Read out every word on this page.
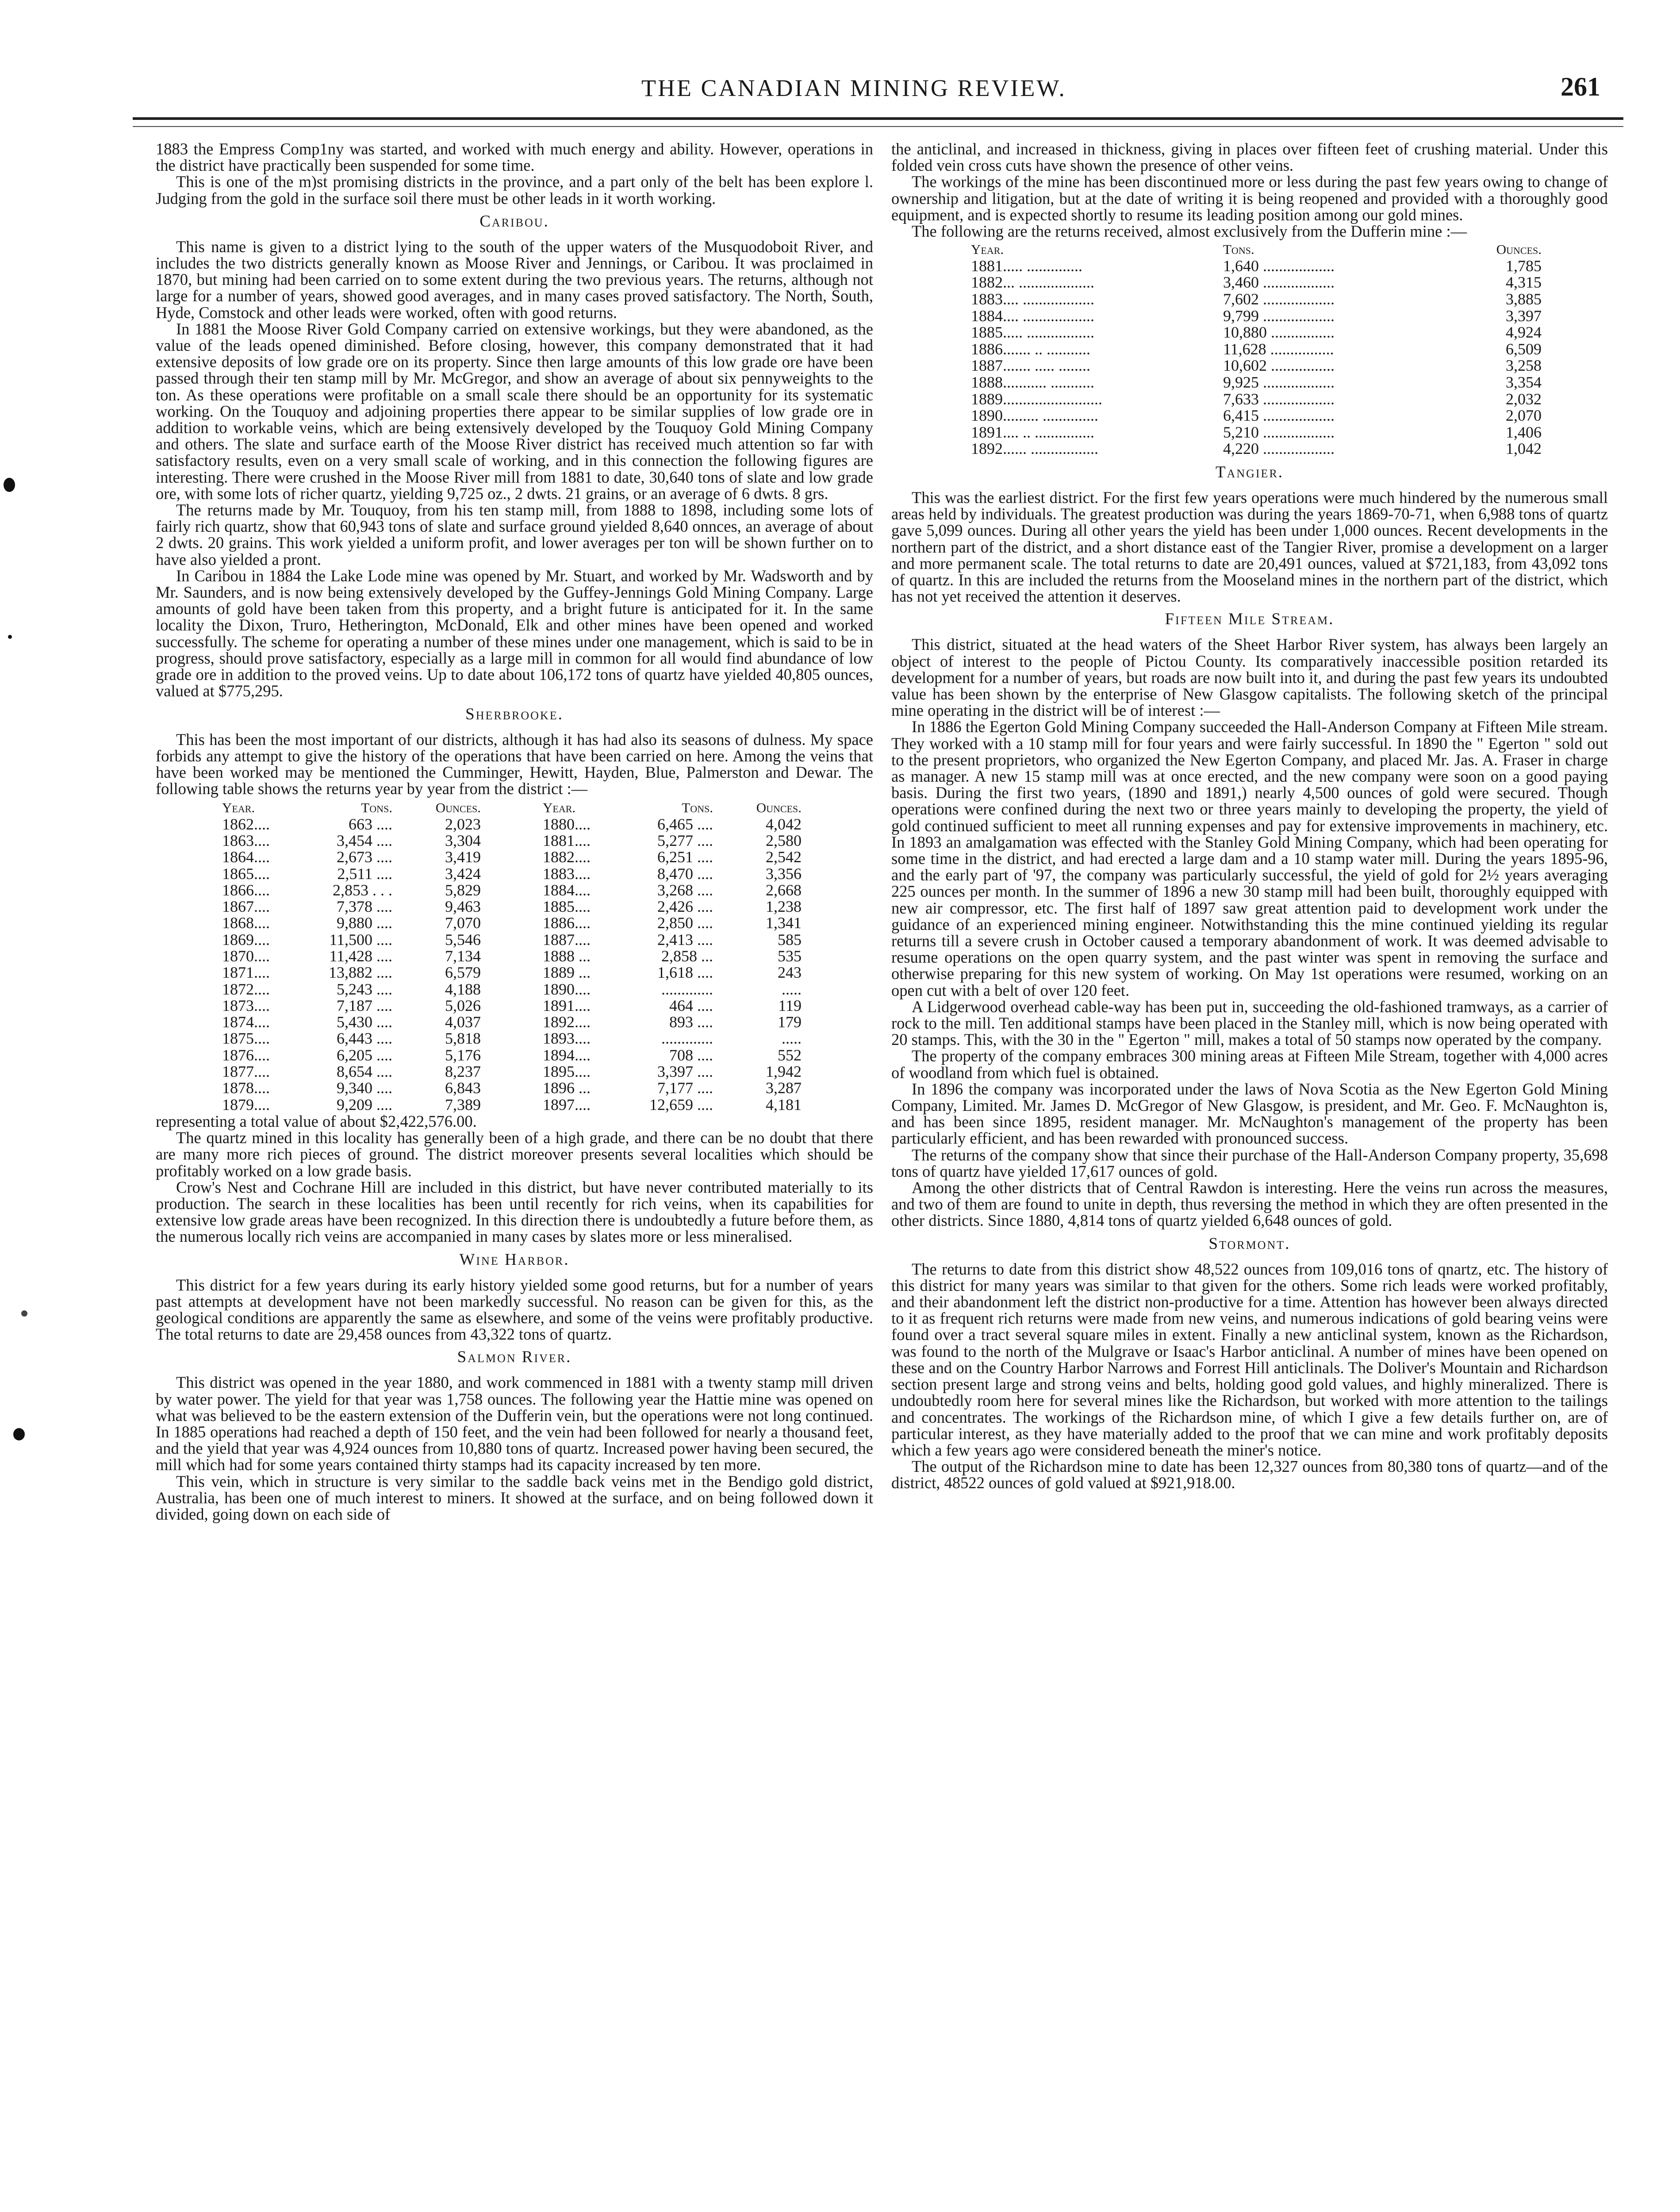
THE CANADIAN MINING REVIEW.	261

1883 the Empress Comp1ny was started, and worked with much energy and ability. However, operations in the district have practically been suspended for some time.

This is one of the m)st promising districts in the province, and a part only of the belt has been explore l. Judging from the gold in the surface soil there must be other leads in it worth working.

Caribou.

This name is given to a district lying to the south of the upper waters of the Musquodoboit River, and includes the two districts generally known as Moose River and Jennings, or Caribou. It was proclaimed in 1870, but mining had been carried on to some extent during the two previous years. The returns, although not large for a number of years, showed good averages, and in many cases proved satisfactory. The North, South, Hyde, Comstock and other leads were worked, often with good returns.

In 1881 the Moose River Gold Company carried on extensive workings, but they were abandoned, as the value of the leads opened diminished. Before closing, however, this company demonstrated that it had extensive deposits of low grade ore on its property. Since then large amounts of this low grade ore have been passed through their ten stamp mill by Mr. McGregor, and show an average of about six pennyweights to the ton. As these operations were profitable on a small scale there should be an opportunity for its systematic working. On the Touquoy and adjoining properties there appear to be similar supplies of low grade ore in addition to workable veins, which are being extensively developed by the Touquoy Gold Mining Company and others. The slate and surface earth of the Moose River district has received much attention so far with satisfactory results, even on a very small scale of working, and in this connection the following figures are interesting. There were crushed in the Moose River mill from 1881 to date, 30,640 tons of slate and low grade ore, with some lots of richer quartz, yielding 9,725 oz., 2 dwts. 21 grains, or an average of 6 dwts. 8 grs.

The returns made by Mr. Touquoy, from his ten stamp mill, from 1888 to 1898, including some lots of fairly rich quartz, show that 60,943 tons of slate and surface ground yielded 8,640 onnces, an average of about 2 dwts. 20 grains. This work yielded a uniform profit, and lower averages per ton will be shown further on to have also yielded a pront.

In Caribou in 1884 the Lake Lode mine was opened by Mr. Stuart, and worked by Mr. Wadsworth and by Mr. Saunders, and is now being extensively developed by the Guffey-Jennings Gold Mining Company. Large amounts of gold have been taken from this property, and a bright future is anticipated for it. In the same locality the Dixon, Truro, Hetherington, McDonald, Elk and other mines have been opened and worked successfully. The scheme for operating a number of these mines under one management, which is said to be in progress, should prove satisfactory, especially as a large mill in common for all would find abundance of low grade ore in addition to the proved veins. Up to date about 106,172 tons of quartz have yielded 40,805 ounces, valued at $775,295.

Sherbrooke.

This has been the most important of our districts, although it has had also its seasons of dulness. My space forbids any attempt to give the history of the operations that have been carried on here. Among the veins that have been worked may be mentioned the Cumminger, Hewitt, Hayden, Blue, Palmerston and Dewar. The following table shows the returns year by year from the district :—

Year.	Tons.	Ounces.	Year.	Tons.	Ounces.
1862....	663 ....	2,023	1880....	6,465 ....	4,042
1863....	3,454 ....	3,304	1881....	5,277 ....	2,580
1864....	2,673 ....	3,419	1882....	6,251 ....	2,542
1865....	2,511 ....	3,424	1883....	8,470 ....	3,356
1866....	2,853 . . .	5,829	1884....	3,268 ....	2,668
1867....	7,378 ....	9,463	1885....	2,426 ....	1,238
1868....	9,880 ....	7,070	1886....	2,850 ....	1,341
1869....	11,500 ....	5,546	1887....	2,413 ....	585
1870....	11,428 ....	7,134	1888 ...	2,858 ...	535
1871....	13,882 ....	6,579	1889 ...	1,618 ....	243
1872....	5,243 ....	4,188	1890....	.............	.....
1873....	7,187 ....	5,026	1891....	464 ....	119
1874....	5,430 ....	4,037	1892....	893 ....	179
1875....	6,443 ....	5,818	1893....	.............	.....
1876....	6,205 ....	5,176	1894....	708 ....	552
1877....	8,654 ....	8,237	1895....	3,397 ....	1,942
1878....	9,340 ....	6,843	1896 ...	7,177 ....	3,287
1879....	9,209 ....	7,389	1897....	12,659 ....	4,181

representing a total value of about $2,422,576.00.

The quartz mined in this locality has generally been of a high grade, and there can be no doubt that there are many more rich pieces of ground. The district moreover presents several localities which should be profitably worked on a low grade basis.

Crow's Nest and Cochrane Hill are included in this district, but have never contributed materially to its production. The search in these localities has been until recently for rich veins, when its capabilities for extensive low grade areas have been recognized. In this direction there is undoubtedly a future before them, as the numerous locally rich veins are accompanied in many cases by slates more or less mineralised.

Wine Harbor.

This district for a few years during its early history yielded some good returns, but for a number of years past attempts at development have not been markedly successful. No reason can be given for this, as the geological conditions are apparently the same as elsewhere, and some of the veins were profitably productive. The total returns to date are 29,458 ounces from 43,322 tons of quartz.

Salmon River.

This district was opened in the year 1880, and work commenced in 1881 with a twenty stamp mill driven by water power. The yield for that year was 1,758 ounces. The following year the Hattie mine was opened on what was believed to be the eastern extension of the Dufferin vein, but the operations were not long continued. In 1885 operations had reached a depth of 150 feet, and the vein had been followed for nearly a thousand feet, and the yield that year was 4,924 ounces from 10,880 tons of quartz. Increased power having been secured, the mill which had for some years contained thirty stamps had its capacity increased by ten more.

This vein, which in structure is very similar to the saddle back veins met in the Bendigo gold district, Australia, has been one of much interest to miners. It showed at the surface, and on being followed down it divided, going down on each side of

the anticlinal, and increased in thickness, giving in places over fifteen feet of crushing material. Under this folded vein cross cuts have shown the presence of other veins.

The workings of the mine has been discontinued more or less during the past few years owing to change of ownership and litigation, but at the date of writing it is being reopened and provided with a thoroughly good equipment, and is expected shortly to resume its leading position among our gold mines.

The following are the returns received, almost exclusively from the Dufferin mine :—

Year.	Tons.	Ounces.
1881..... ..............	1,640 ..................	1,785
1882... ...................	3,460 ..................	4,315
1883.... ..................	7,602 ..................	3,885
1884.... ..................	9,799 ..................	3,397
1885..... .................	10,880 ................	4,924
1886....... .. ...........	11,628 ................	6,509
1887....... ..... ........	10,602 ................	3,258
1888........... ...........	9,925 ..................	3,354
1889.........................	7,633 ..................	2,032
1890......... ..............	6,415 ..................	2,070
1891.... .. ...............	5,210 ..................	1,406
1892...... .................	4,220 ..................	1,042
Tangier.

This was the earliest district. For the first few years operations were much hindered by the numerous small areas held by individuals. The greatest production was during the years 1869-70-71, when 6,988 tons of quartz gave 5,099 ounces. During all other years the yield has been under 1,000 ounces. Recent developments in the northern part of the district, and a short distance east of the Tangier River, promise a development on a larger and more permanent scale. The total returns to date are 20,491 ounces, valued at $721,183, from 43,092 tons of quartz. In this are included the returns from the Mooseland mines in the northern part of the district, which has not yet received the attention it deserves.

Fifteen Mile Stream.

This district, situated at the head waters of the Sheet Harbor River system, has always been largely an object of interest to the people of Pictou County. Its comparatively inaccessible position retarded its development for a number of years, but roads are now built into it, and during the past few years its undoubted value has been shown by the enterprise of New Glasgow capitalists. The following sketch of the principal mine operating in the district will be of interest :—

In 1886 the Egerton Gold Mining Company succeeded the Hall-Anderson Company at Fifteen Mile stream. They worked with a 10 stamp mill for four years and were fairly successful. In 1890 the " Egerton " sold out to the present proprietors, who organized the New Egerton Company, and placed Mr. Jas. A. Fraser in charge as manager. A new 15 stamp mill was at once erected, and the new company were soon on a good paying basis. During the first two years, (1890 and 1891,) nearly 4,500 ounces of gold were secured. Though operations were confined during the next two or three years mainly to developing the property, the yield of gold continued sufficient to meet all running expenses and pay for extensive improvements in machinery, etc. In 1893 an amalgamation was effected with the Stanley Gold Mining Company, which had been operating for some time in the district, and had erected a large dam and a 10 stamp water mill. During the years 1895-96, and the early part of '97, the company was particularly successful, the yield of gold for 2½ years averaging 225 ounces per month. In the summer of 1896 a new 30 stamp mill had been built, thoroughly equipped with new air compressor, etc. The first half of 1897 saw great attention paid to development work under the guidance of an experienced mining engineer. Notwithstanding this the mine continued yielding its regular returns till a severe crush in October caused a temporary abandonment of work. It was deemed advisable to resume operations on the open quarry system, and the past winter was spent in removing the surface and otherwise preparing for this new system of working. On May 1st operations were resumed, working on an open cut with a belt of over 120 feet.

A Lidgerwood overhead cable-way has been put in, succeeding the old-fashioned tramways, as a carrier of rock to the mill. Ten additional stamps have been placed in the Stanley mill, which is now being operated with 20 stamps. This, with the 30 in the " Egerton " mill, makes a total of 50 stamps now operated by the company.

The property of the company embraces 300 mining areas at Fifteen Mile Stream, together with 4,000 acres of woodland from which fuel is obtained.

In 1896 the company was incorporated under the laws of Nova Scotia as the New Egerton Gold Mining Company, Limited. Mr. James D. McGregor of New Glasgow, is president, and Mr. Geo. F. McNaughton is, and has been since 1895, resident manager. Mr. McNaughton's management of the property has been particularly efficient, and has been rewarded with pronounced success.

The returns of the company show that since their purchase of the Hall-Anderson Company property, 35,698 tons of quartz have yielded 17,617 ounces of gold.

Among the other districts that of Central Rawdon is interesting. Here the veins run across the measures, and two of them are found to unite in depth, thus reversing the method in which they are often presented in the other districts. Since 1880, 4,814 tons of quartz yielded 6,648 ounces of gold.

Stormont.

The returns to date from this district show 48,522 ounces from 109,016 tons of qnartz, etc. The history of this district for many years was similar to that given for the others. Some rich leads were worked profitably, and their abandonment left the district non-productive for a time. Attention has however been always directed to it as frequent rich returns were made from new veins, and numerous indications of gold bearing veins were found over a tract several square miles in extent. Finally a new anticlinal system, known as the Richardson, was found to the north of the Mulgrave or Isaac's Harbor anticlinal. A number of mines have been opened on these and on the Country Harbor Narrows and Forrest Hill anticlinals. The Doliver's Mountain and Richardson section present large and strong veins and belts, holding good gold values, and highly mineralized. There is undoubtedly room here for several mines like the Richardson, but worked with more attention to the tailings and concentrates. The workings of the Richardson mine, of which I give a few details further on, are of particular interest, as they have materially added to the proof that we can mine and work profitably deposits which a few years ago were considered beneath the miner's notice.

The output of the Richardson mine to date has been 12,327 ounces from 80,380 tons of quartz—and of the district, 48522 ounces of gold valued at $921,918.00.
